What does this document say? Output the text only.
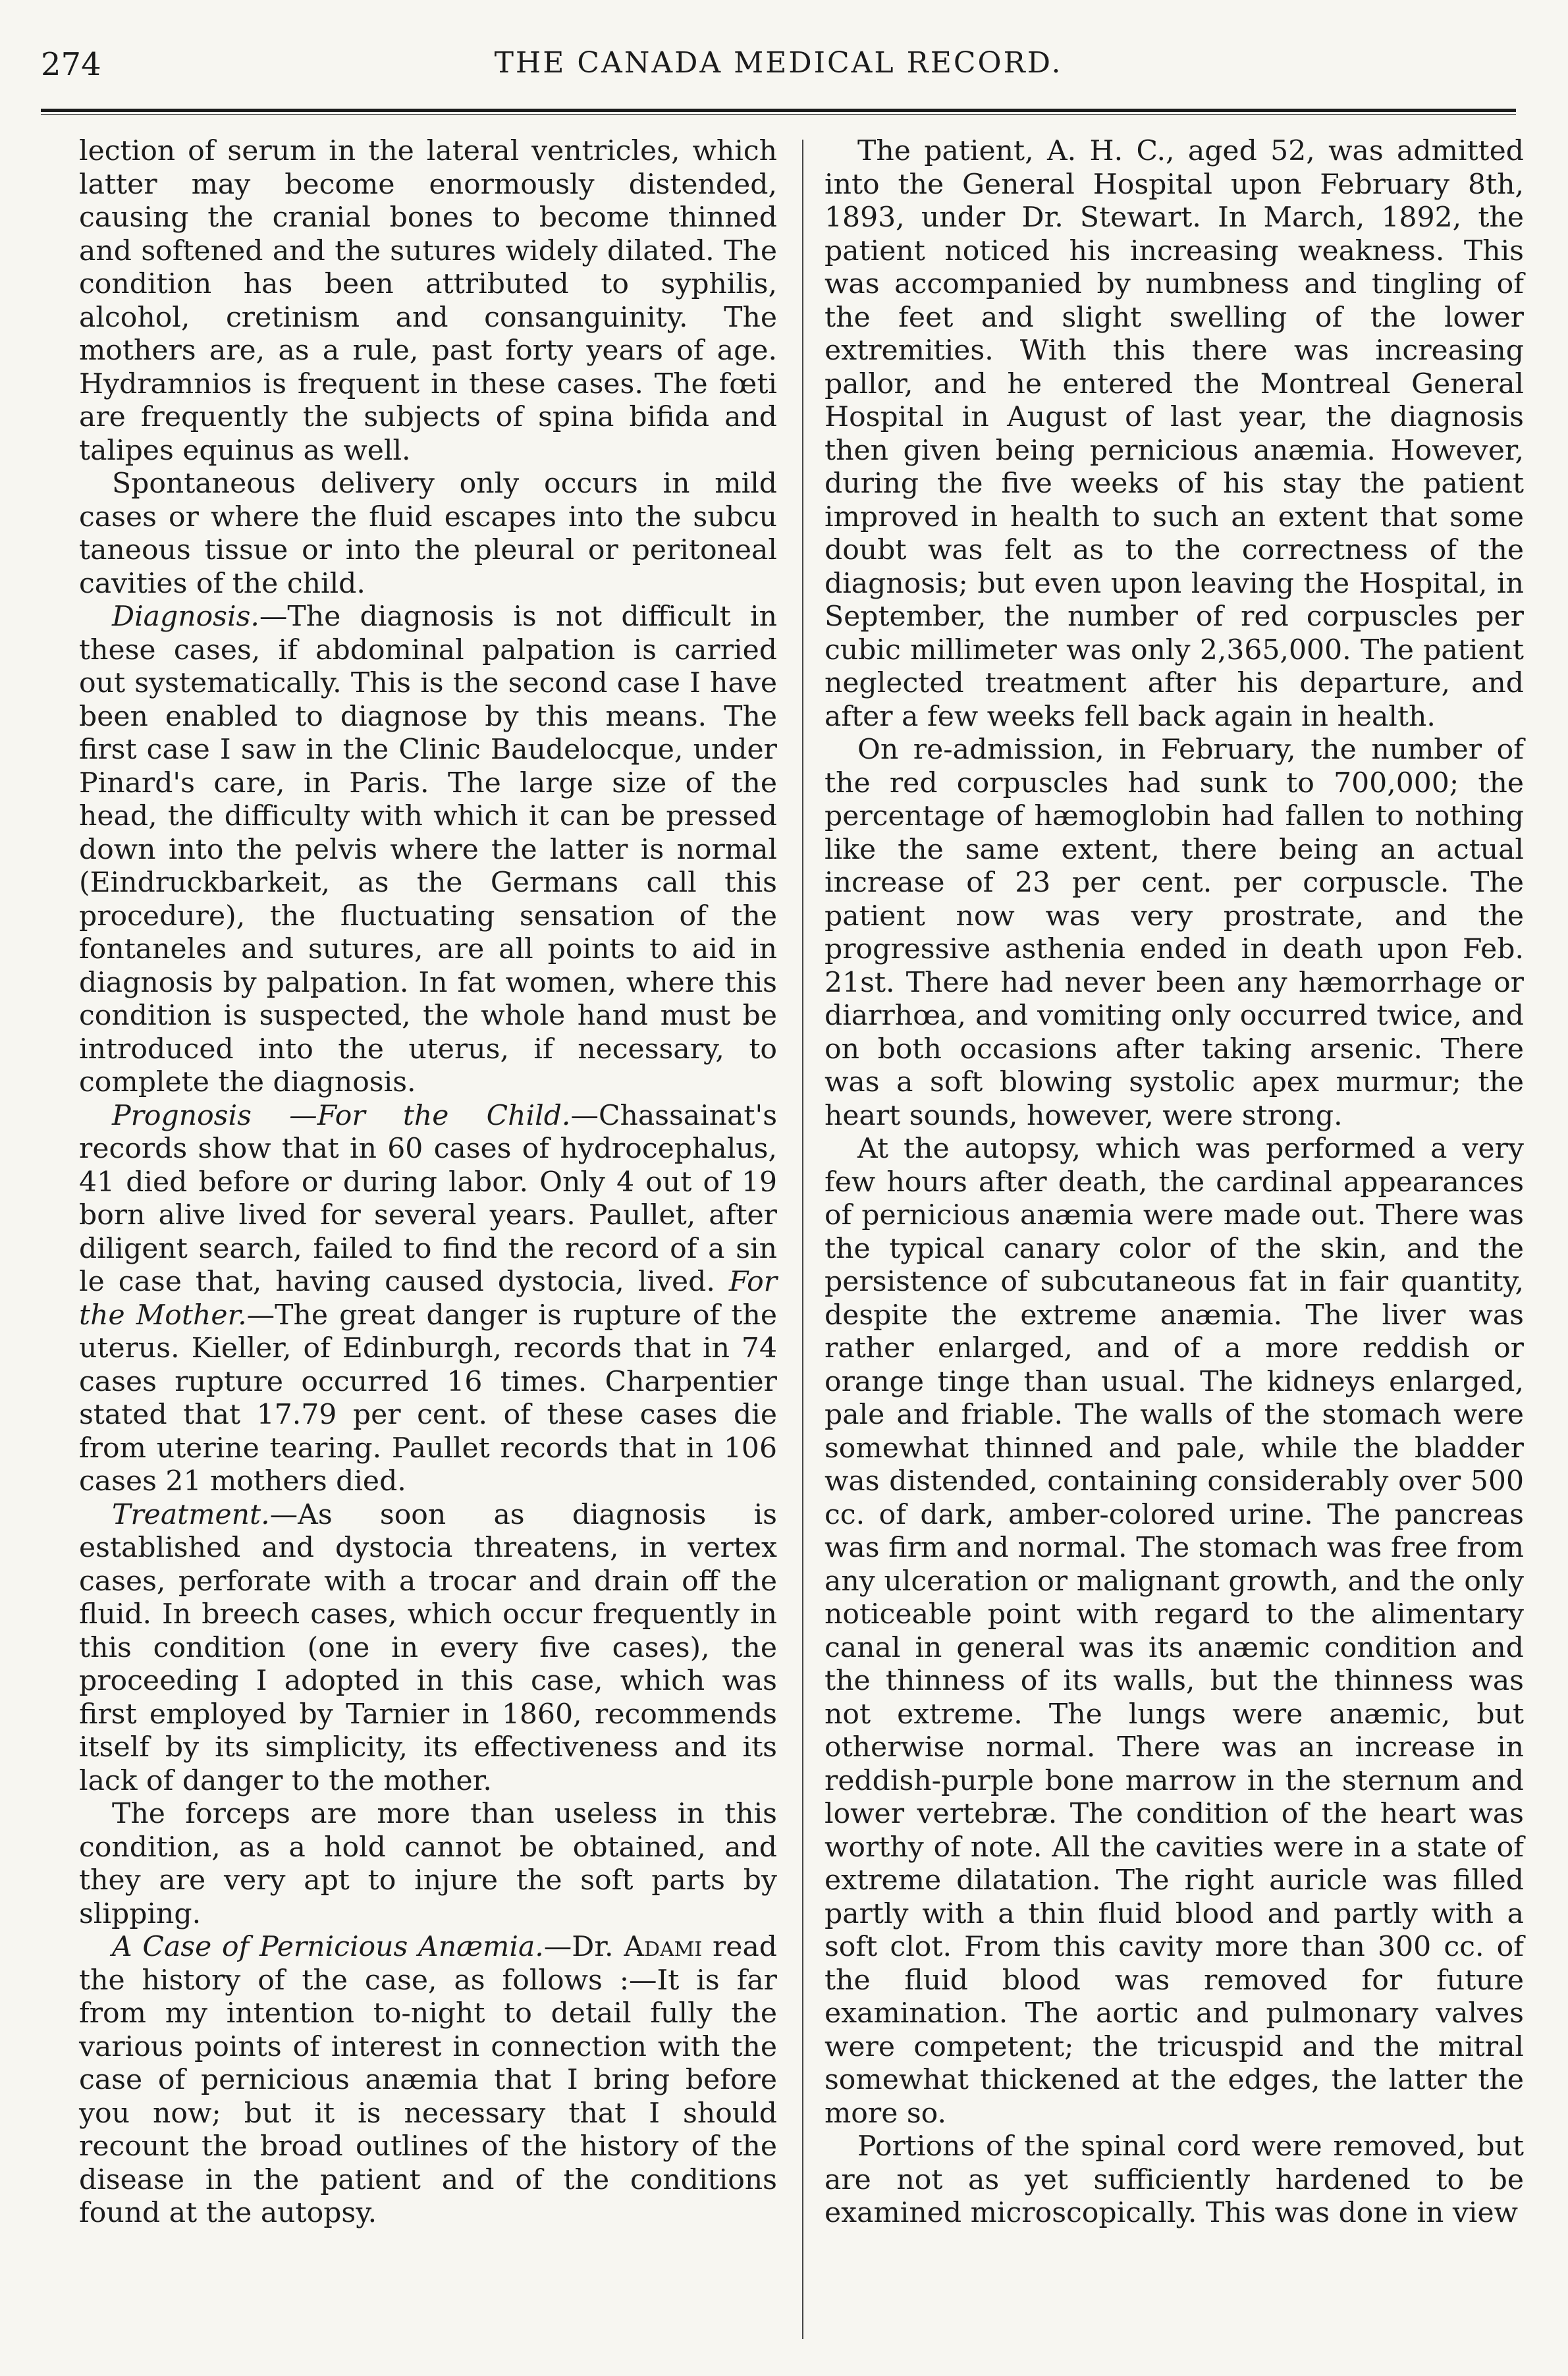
274	THE CANADA MEDICAL RECORD.

lection of serum in the lateral ventricles, which latter may become enormously distended, causing the cranial bones to become thinned and softened and the sutures widely dilated. The condition has been attributed to syphilis, alcohol, cretinism and consanguinity. The mothers are, as a rule, past forty years of age. Hydramnios is frequent in these cases. The fœti are frequently the subjects of spina bifida and talipes equinus as well.

Spontaneous delivery only occurs in mild cases or where the fluid escapes into the subcu taneous tissue or into the pleural or peritoneal cavities of the child.

Diagnosis.—The diagnosis is not difficult in these cases, if abdominal palpation is carried out systematically. This is the second case I have been enabled to diagnose by this means. The first case I saw in the Clinic Baudelocque, under Pinard's care, in Paris. The large size of the head, the difficulty with which it can be pressed down into the pelvis where the latter is normal (Eindruckbarkeit, as the Germans call this procedure), the fluctuating sensation of the fontaneles and sutures, are all points to aid in diagnosis by palpation. In fat women, where this condition is suspected, the whole hand must be introduced into the uterus, if necessary, to complete the diagnosis.

Prognosis —For the Child.—Chassainat's records show that in 60 cases of hydrocephalus, 41 died before or during labor. Only 4 out of 19 born alive lived for several years. Paullet, after diligent search, failed to find the record of a sin le case that, having caused dystocia, lived. For the Mother.—The great danger is rupture of the uterus. Kieller, of Edinburgh, records that in 74 cases rupture occurred 16 times. Charpentier stated that 17.79 per cent. of these cases die from uterine tearing. Paullet records that in 106 cases 21 mothers died.

Treatment.—As soon as diagnosis is established and dystocia threatens, in vertex cases, perforate with a trocar and drain off the fluid. In breech cases, which occur frequently in this condition (one in every five cases), the proceeding I adopted in this case, which was first employed by Tarnier in 1860, recommends itself by its simplicity, its effectiveness and its lack of danger to the mother.

The forceps are more than useless in this condition, as a hold cannot be obtained, and they are very apt to injure the soft parts by slipping.

A Case of Pernicious Anæmia.—Dr. Adami read the history of the case, as follows :—It is far from my intention to-night to detail fully the various points of interest in connection with the case of pernicious anæmia that I bring before you now; but it is necessary that I should recount the broad outlines of the history of the disease in the patient and of the conditions found at the autopsy.

The patient, A. H. C., aged 52, was admitted into the General Hospital upon February 8th, 1893, under Dr. Stewart. In March, 1892, the patient noticed his increasing weakness. This was accompanied by numbness and tingling of the feet and slight swelling of the lower extremities. With this there was increasing pallor, and he entered the Montreal General Hospital in August of last year, the diagnosis then given being pernicious anæmia. However, during the five weeks of his stay the patient improved in health to such an extent that some doubt was felt as to the correctness of the diagnosis; but even upon leaving the Hospital, in September, the number of red corpuscles per cubic millimeter was only 2,365,000. The patient neglected treatment after his departure, and after a few weeks fell back again in health.

On re-admission, in February, the number of the red corpuscles had sunk to 700,000; the percentage of hæmoglobin had fallen to nothing like the same extent, there being an actual increase of 23 per cent. per corpuscle. The patient now was very prostrate, and the progressive asthenia ended in death upon Feb. 21st. There had never been any hæmorrhage or diarrhœa, and vomiting only occurred twice, and on both occasions after taking arsenic. There was a soft blowing systolic apex murmur; the heart sounds, however, were strong.

At the autopsy, which was performed a very few hours after death, the cardinal appearances of pernicious anæmia were made out. There was the typical canary color of the skin, and the persistence of subcutaneous fat in fair quantity, despite the extreme anæmia. The liver was rather enlarged, and of a more reddish or orange tinge than usual. The kidneys enlarged, pale and friable. The walls of the stomach were somewhat thinned and pale, while the bladder was distended, containing considerably over 500 cc. of dark, amber-colored urine. The pancreas was firm and normal. The stomach was free from any ulceration or malignant growth, and the only noticeable point with regard to the alimentary canal in general was its anæmic condition and the thinness of its walls, but the thinness was not extreme. The lungs were anæmic, but otherwise normal. There was an increase in reddish-purple bone marrow in the sternum and lower vertebræ. The condition of the heart was worthy of note. All the cavities were in a state of extreme dilatation. The right auricle was filled partly with a thin fluid blood and partly with a soft clot. From this cavity more than 300 cc. of the fluid blood was removed for future examination. The aortic and pulmonary valves were competent; the tricuspid and the mitral somewhat thickened at the edges, the latter the more so.

Portions of the spinal cord were removed, but are not as yet sufficiently hardened to be examined microscopically. This was done in view
